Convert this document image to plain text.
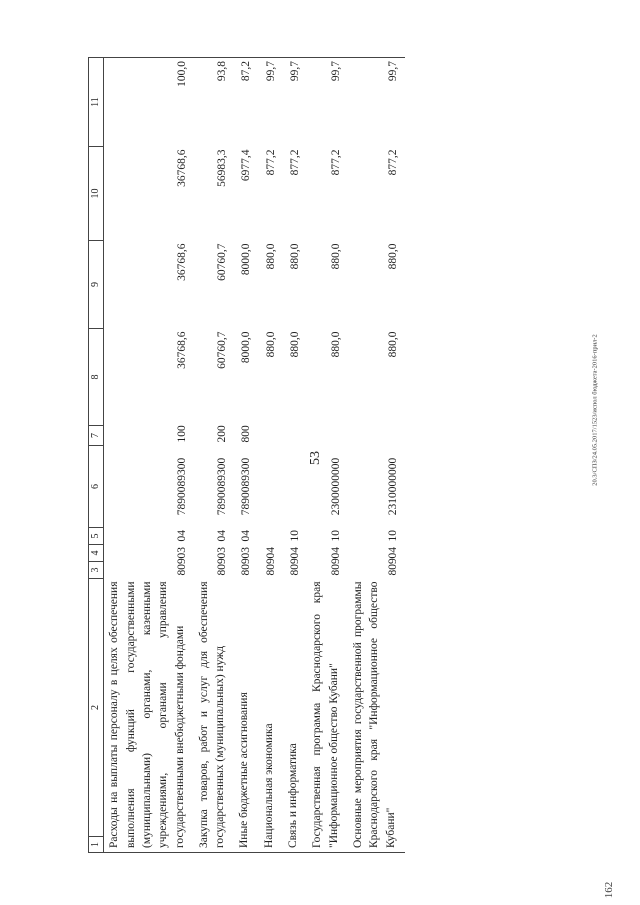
53	20.3/СПЗ/24.05.2017/1523/испол бюджета-2016-прил-2
162
1	2	3	4	5	6	7	8	9	10	11
Расходы на выплаты персоналу в целях обеспечения выполнения функций государственными (муниципальными) органами, казенными учреждениями, органами управления государственными внебюджетными фондами		809	03	04	7890089300	100	36768,6	36768,6	36768,6	100,0
Закупка товаров, работ и услуг для обеспечения государственных (муниципальных) нужд		809	03	04	7890089300	200	60760,7	60760,7	56983,3	93,8
Иные бюджетные ассигнования		809	03	04	7890089300	800	8000,0	8000,0	6977,4	87,2
Национальная экономика		809	04				880,0	880,0	877,2	99,7
Связь и информатика		809	04	10			880,0	880,0	877,2	99,7
Государственная программа Краснодарского края "Информационное общество Кубани"		809	04	10	2300000000		880,0	880,0	877,2	99,7
Основные мероприятия государственной программы Краснодарского края "Информационное общество Кубани"		809	04	10	2310000000		880,0	880,0	877,2	99,7
